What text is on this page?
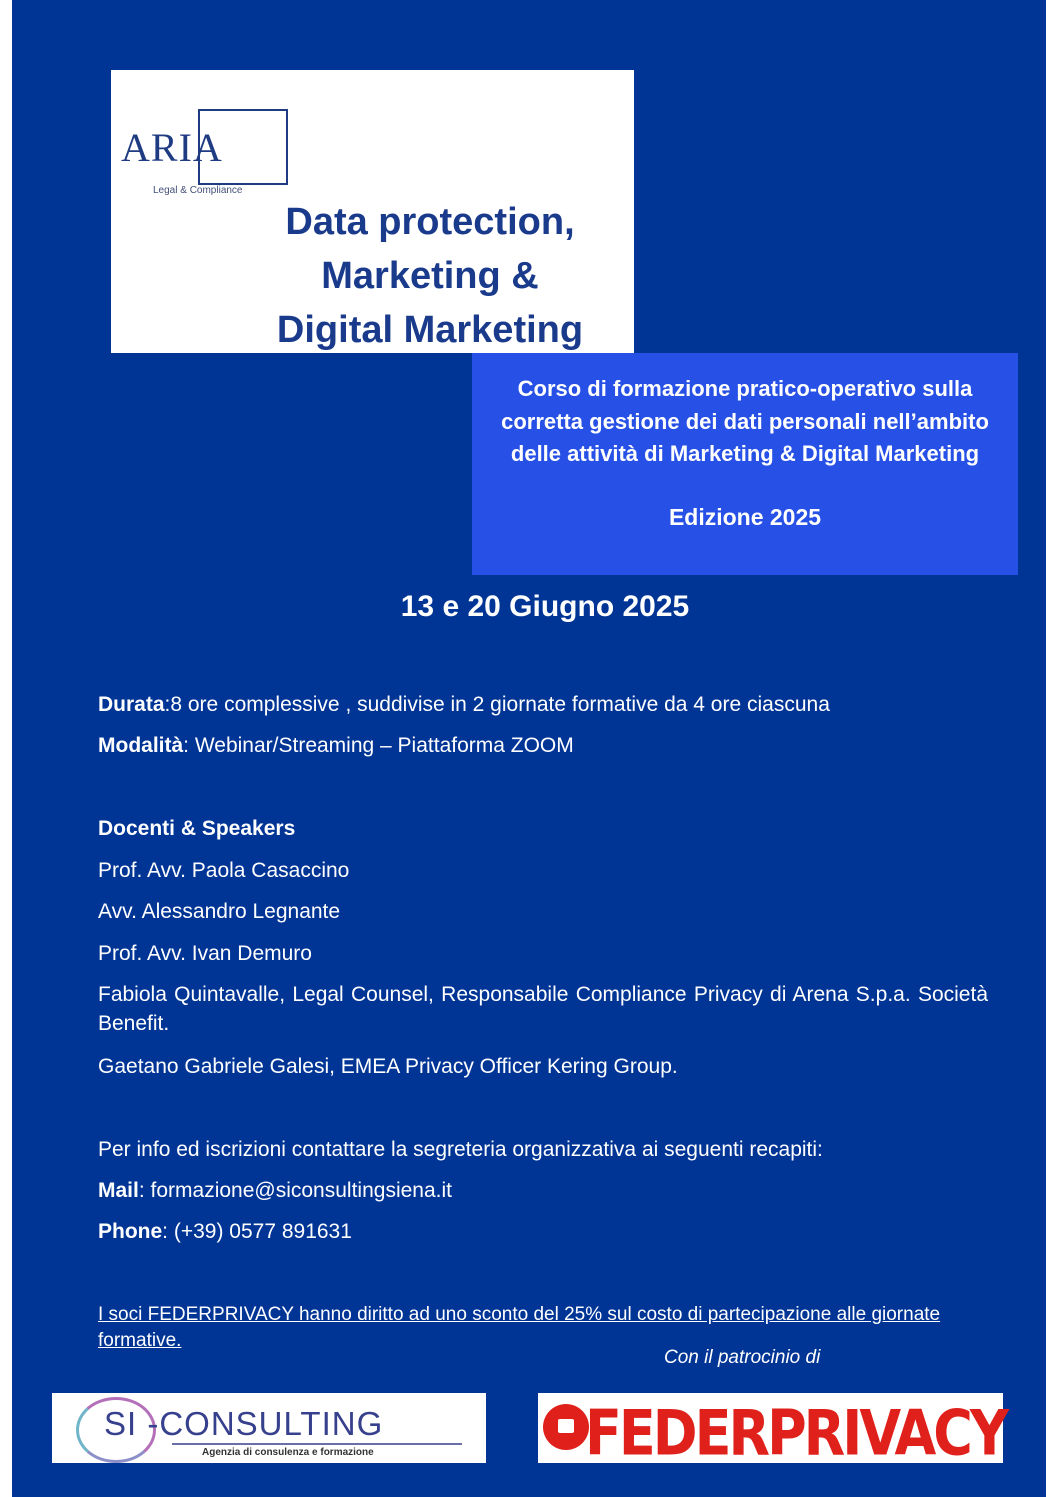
ARIA
Legal & Compliance
Data protection,
Marketing &
Digital Marketing
Corso di formazione pratico-operativo sulla corretta gestione dei dati personali nell’ambito delle attività di Marketing & Digital Marketing
Edizione 2025
13 e 20 Giugno 2025
Durata:8 ore complessive , suddivise in 2 giornate formative da 4 ore ciascuna
Modalità: Webinar/Streaming – Piattaforma ZOOM
Docenti & Speakers
Prof. Avv. Paola Casaccino
Avv. Alessandro Legnante
Prof. Avv. Ivan Demuro
Fabiola Quintavalle, Legal Counsel, Responsabile Compliance Privacy di Arena S.p.a. Società Benefit.
Gaetano Gabriele Galesi, EMEA Privacy Officer Kering Group.
Per info ed iscrizioni contattare la segreteria organizzativa ai seguenti recapiti:
Mail: formazione@siconsultingsiena.it
Phone: (+39) 0577 891631
I soci FEDERPRIVACY hanno diritto ad uno sconto del 25% sul costo di partecipazione alle giornate formative.
Con il patrocinio di
SI -CONSULTING
Agenzia di consulenza e formazione	FEDERPRIVACY
